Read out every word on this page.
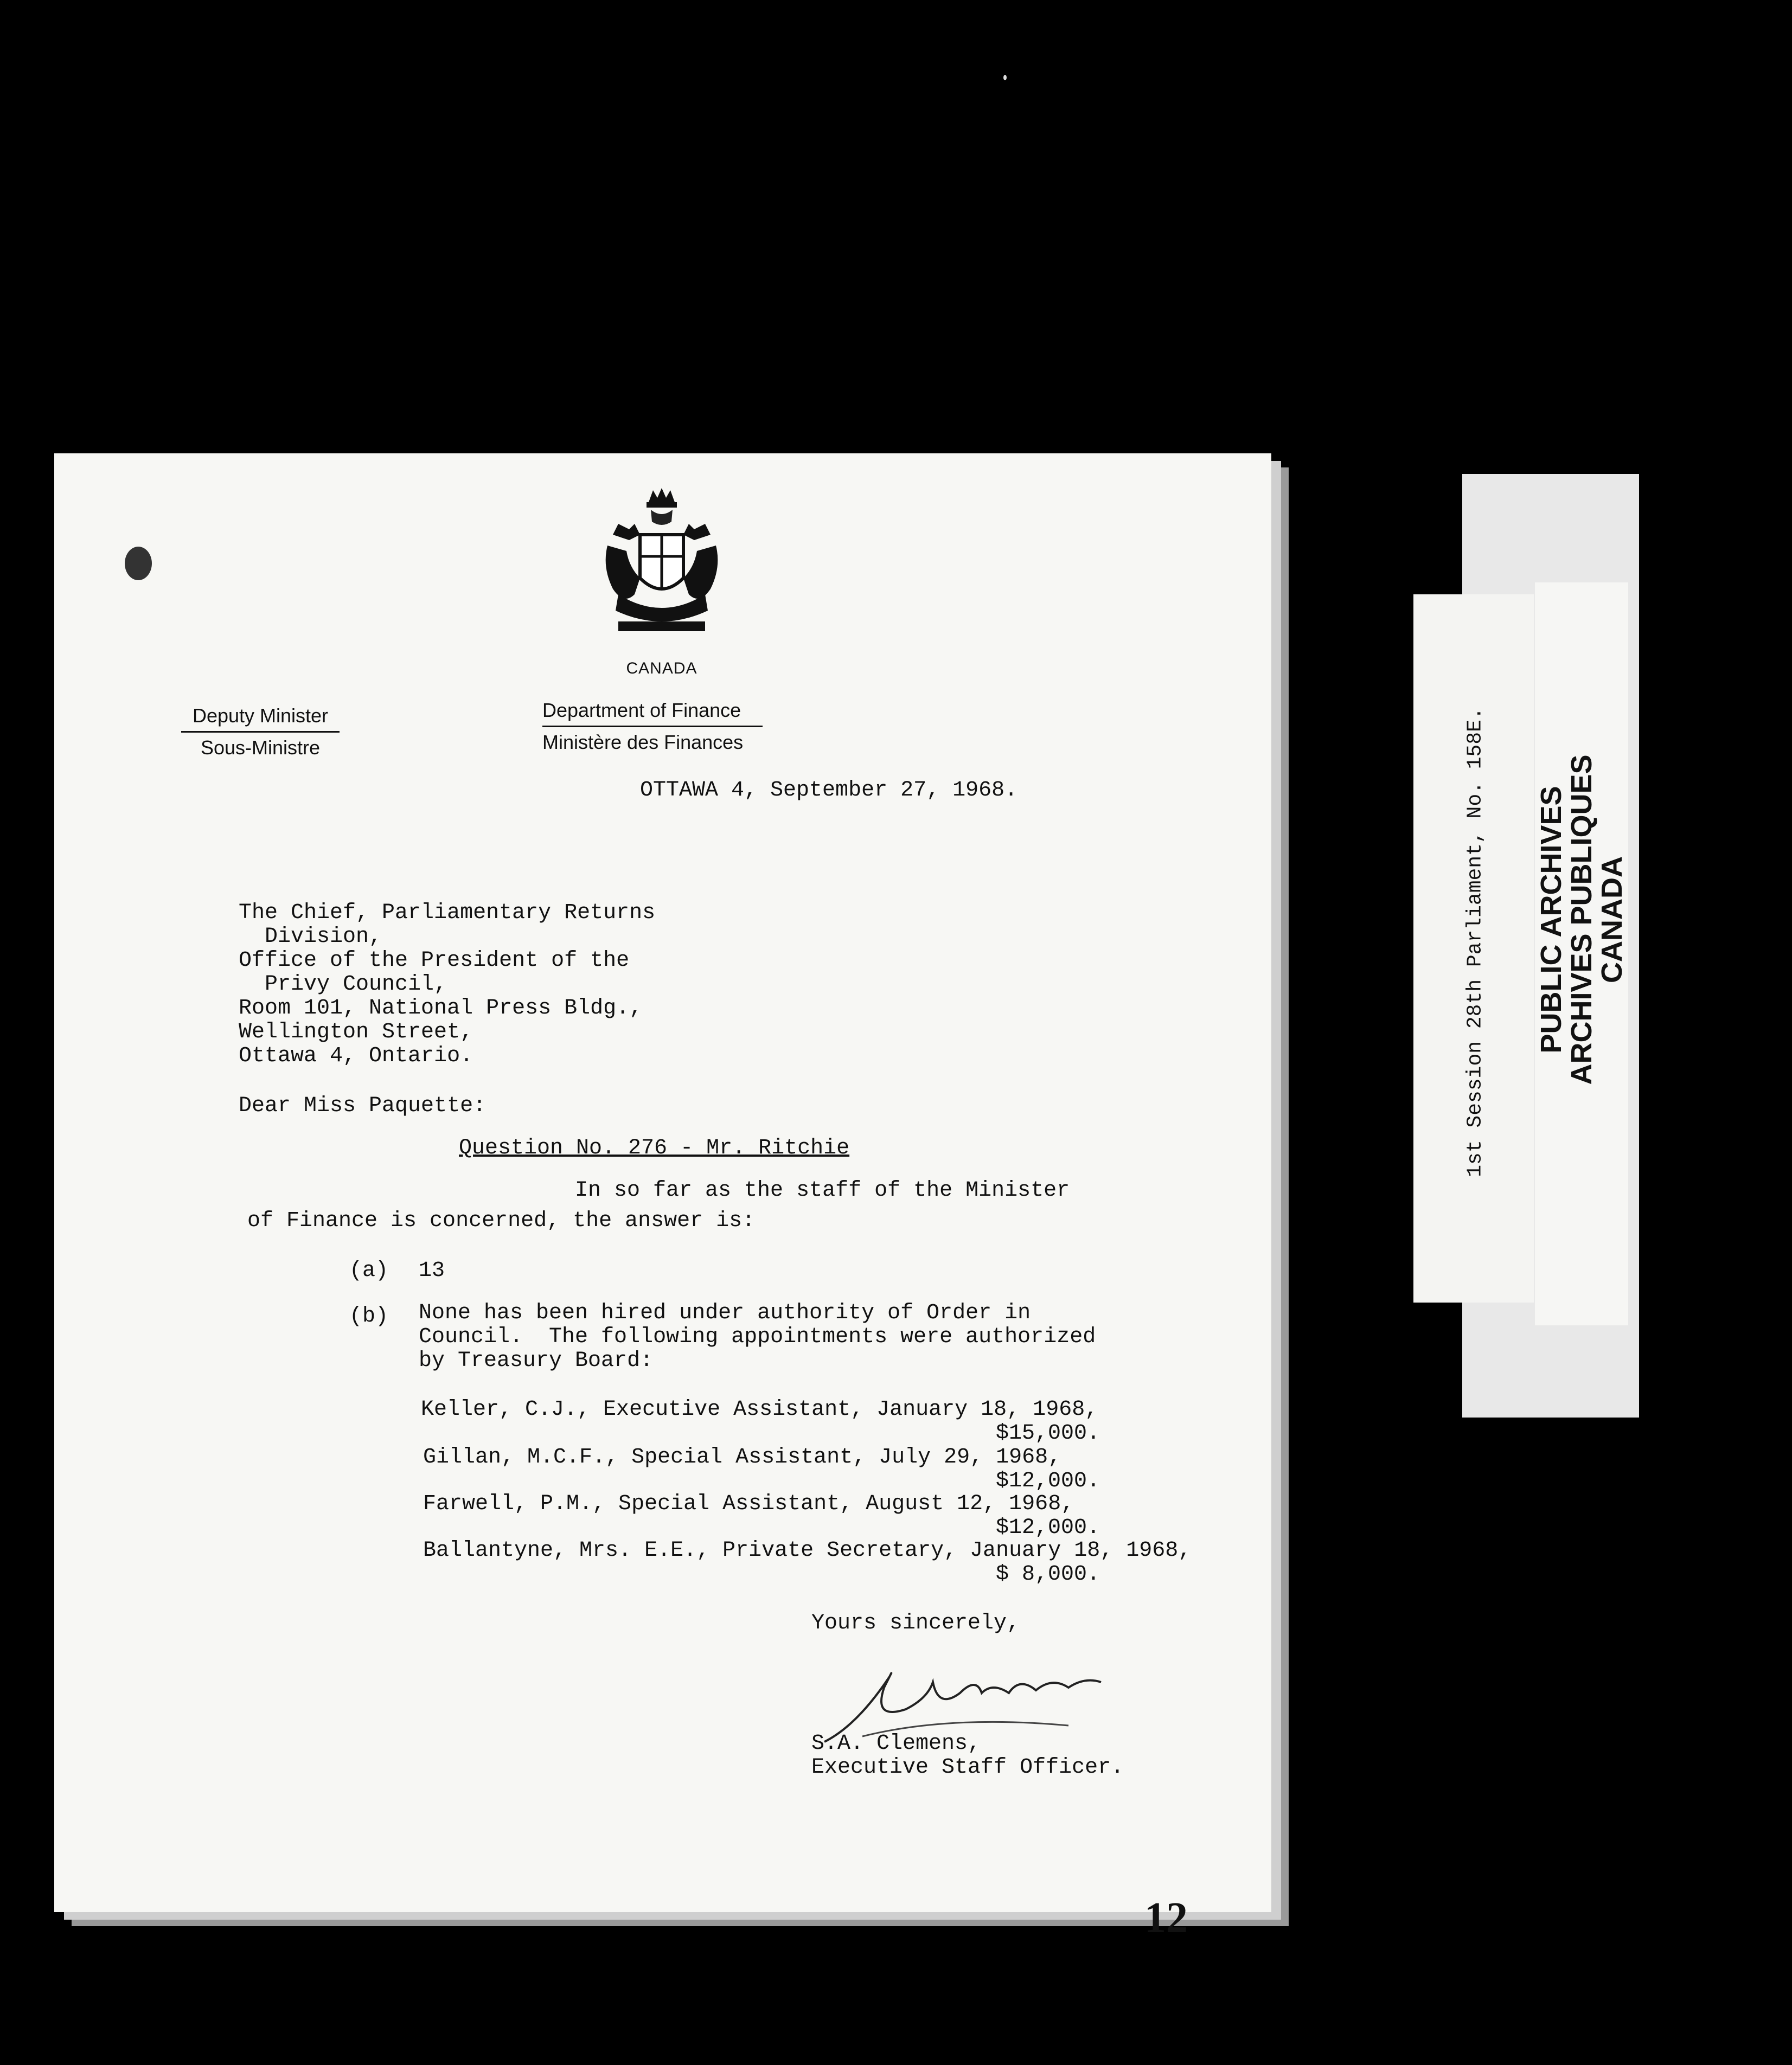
CANADA
Deputy Minister
Sous-Ministre
Department of Finance
Ministère des Finances
OTTAWA 4, September 27, 1968.
The Chief, Parliamentary Returns
Division,
Office of the President of the
Privy Council,
Room 101, National Press Bldg.,
Wellington Street,
Ottawa 4, Ontario.
Dear Miss Paquette:
Question No. 276 - Mr. Ritchie
In so far as the staff of the Minister
of Finance is concerned, the answer is:
(a) 13
(b) None has been hired under authority of Order in
Council.  The following appointments were authorized
by Treasury Board:
Keller, C.J., Executive Assistant, January 18, 1968,
$15,000.
Gillan, M.C.F., Special Assistant, July 29, 1968,
$12,000.
Farwell, P.M., Special Assistant, August 12, 1968,
$12,000.
Ballantyne, Mrs. E.E., Private Secretary, January 18, 1968,
$ 8,000.
Yours sincerely,
S.A. Clemens,
Executive Staff Officer.
12
1st Session 28th Parliament, No. 158E. PUBLIC ARCHIVES
ARCHIVES PUBLIQUES
CANADA
